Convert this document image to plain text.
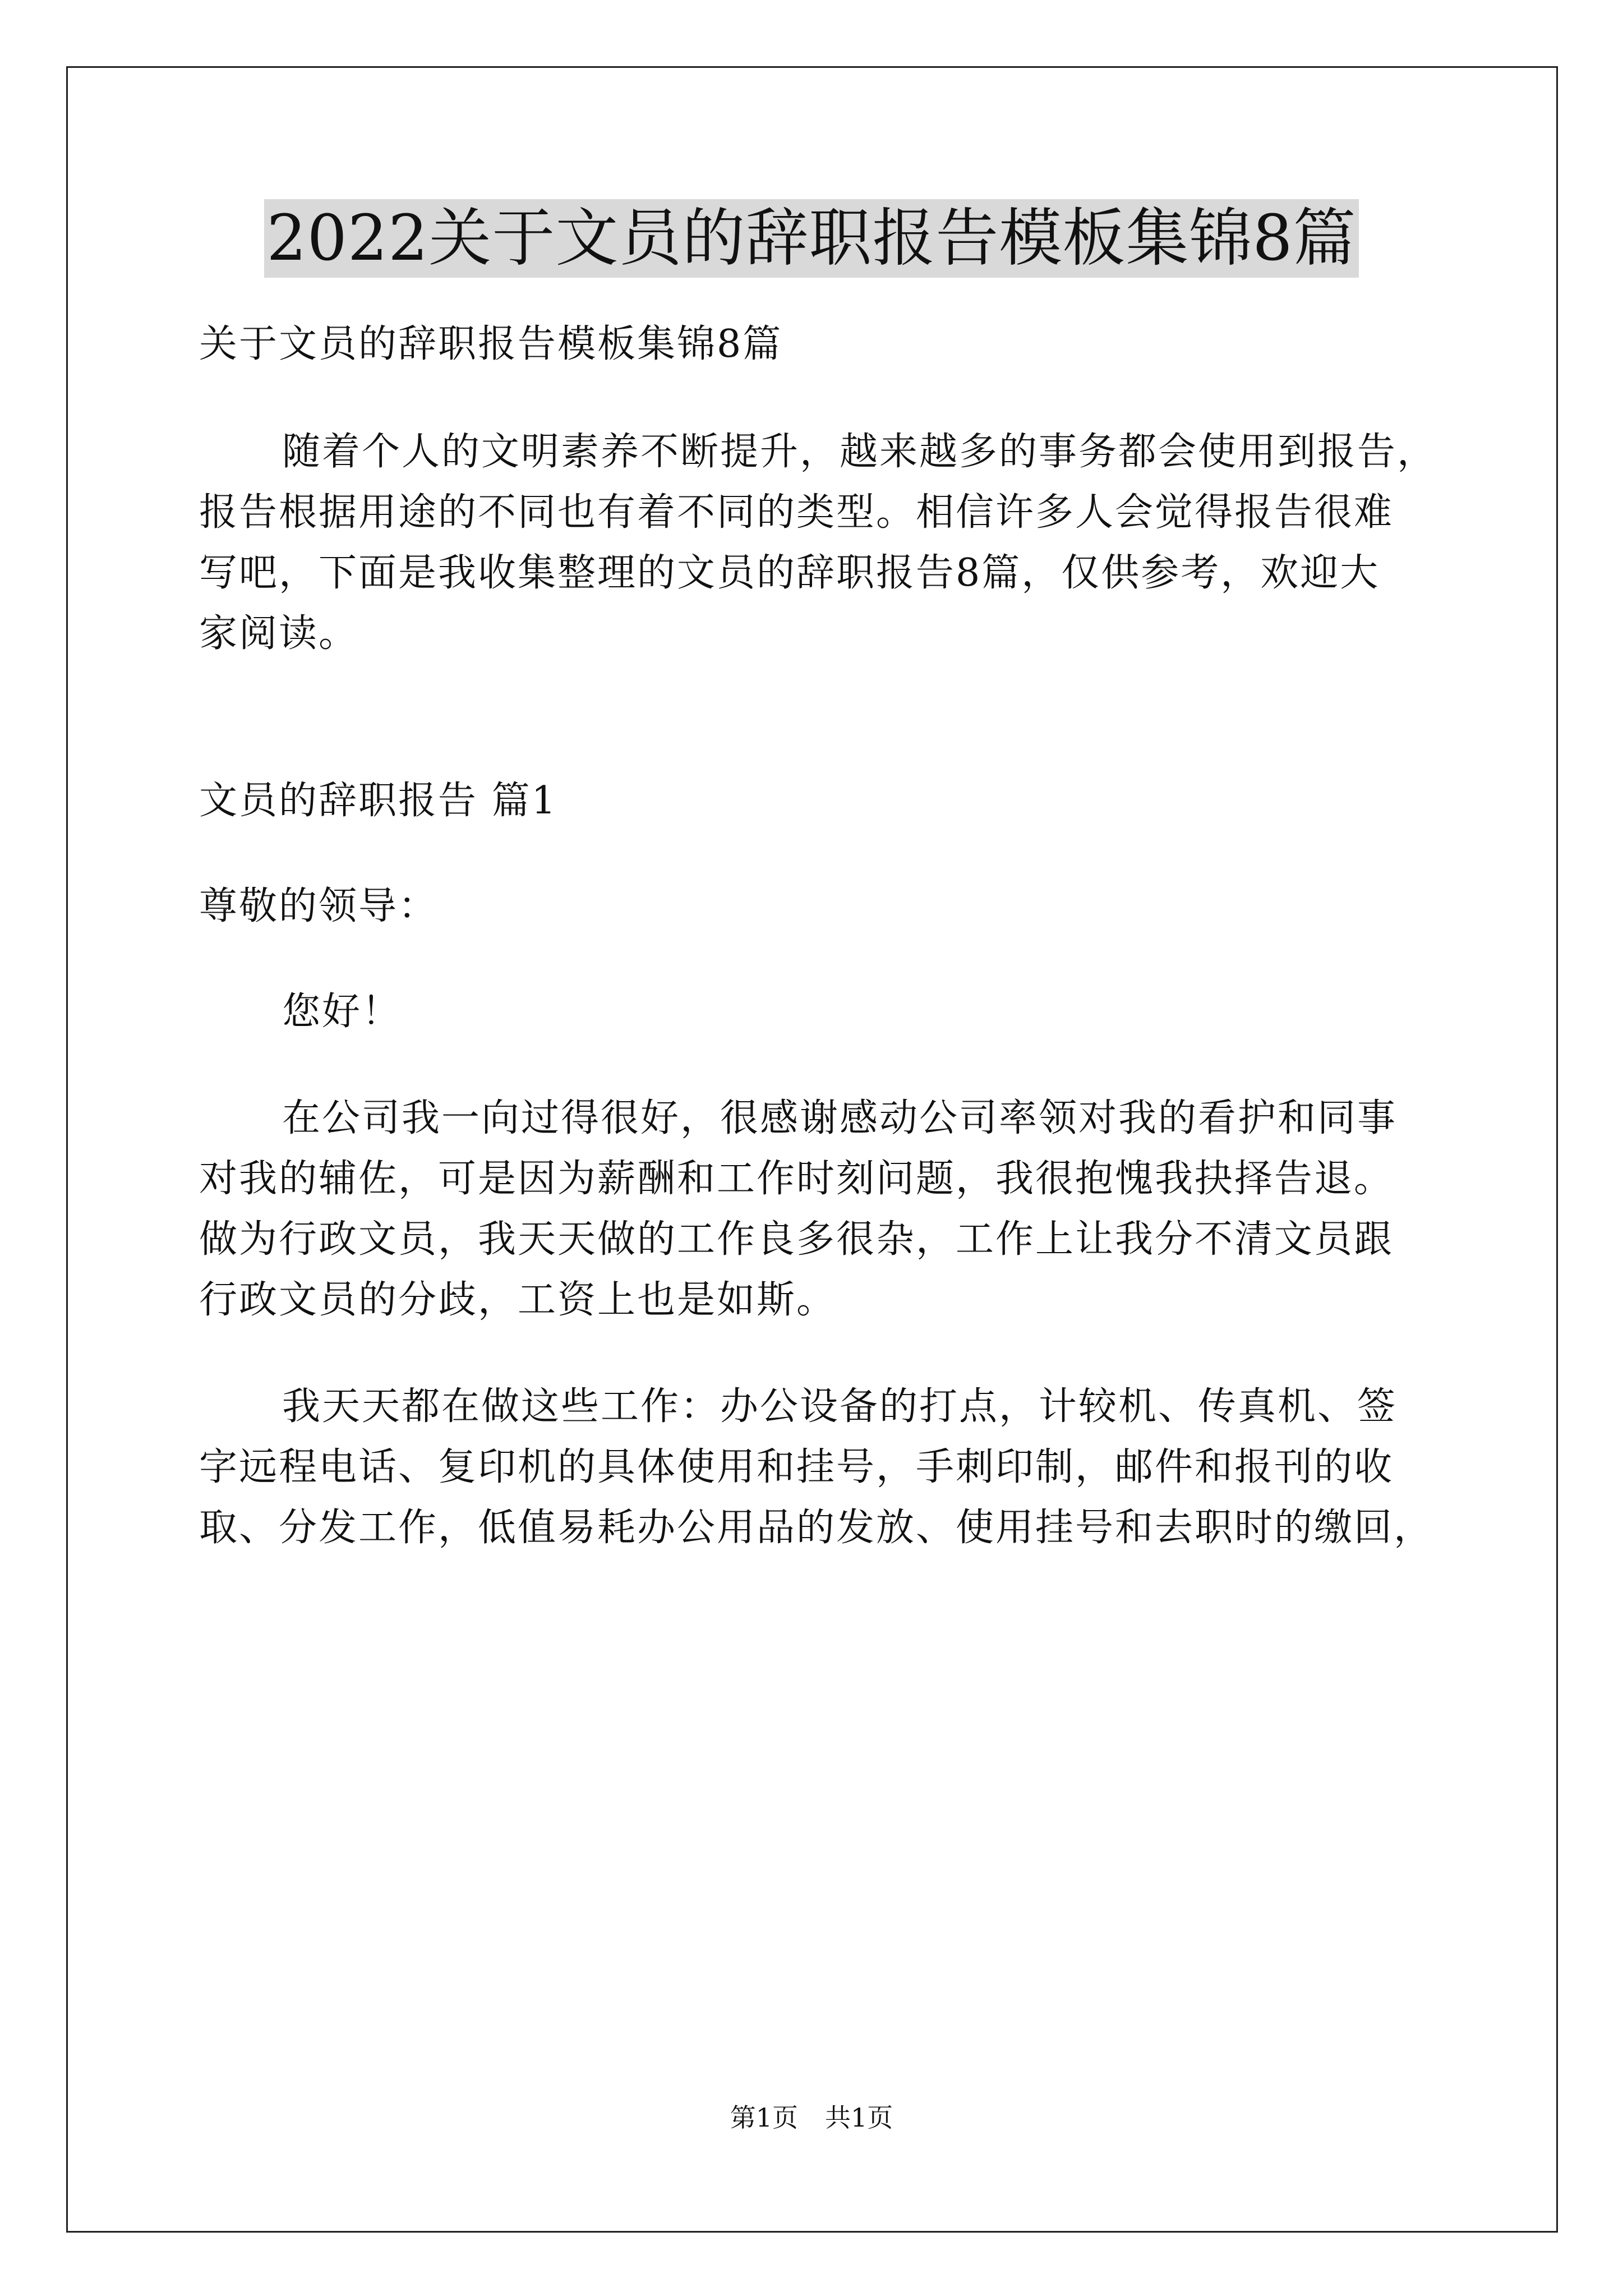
2022关于文员的辞职报告模板集锦8篇
关于文员的辞职报告模板集锦8篇
随着个人的文明素养不断提升，越来越多的事务都会使用到报告，
报告根据用途的不同也有着不同的类型。相信许多人会觉得报告很难
写吧，下面是我收集整理的文员的辞职报告8篇，仅供参考，欢迎大
家阅读。
文员的辞职报告 篇1
尊敬的领导：
您好！
在公司我一向过得很好，很感谢感动公司率领对我的看护和同事
对我的辅佐，可是因为薪酬和工作时刻问题，我很抱愧我抉择告退。
做为行政文员，我天天做的工作良多很杂，工作上让我分不清文员跟
行政文员的分歧，工资上也是如斯。
我天天都在做这些工作：办公设备的打点，计较机、传真机、签
字远程电话、复印机的具体使用和挂号，手刺印制，邮件和报刊的收
取、分发工作，低值易耗办公用品的发放、使用挂号和去职时的缴回，
第1页 共1页
